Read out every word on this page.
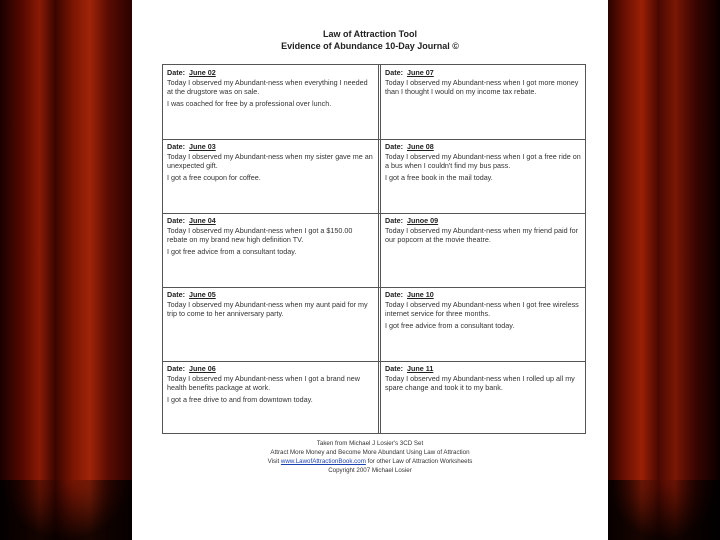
Law of Attraction Tool
Evidence of Abundance 10-Day Journal ©
Date: June 02
Today I observed my Abundant-ness when everything I needed at the drugstore was on sale.
I was coached for free by a professional over lunch.
Date: June 07
Today I observed my Abundant-ness when I got more money than I thought I would on my income tax rebate.
Date: June 03
Today I observed my Abundant-ness when my sister gave me an unexpected gift.
I got a free coupon for coffee.
Date: June 08
Today I observed my Abundant-ness when I got a free ride on a bus when I couldn't find my bus pass.
I got a free book in the mail today.
Date: June 04
Today I observed my Abundant-ness when I got a $150.00 rebate on my brand new high definition TV.
I got free advice from a consultant today.
Date: Junoe 09
Today I observed my Abundant-ness when my friend paid for our popcorn at the movie theatre.
Date: June 05
Today I observed my Abundant-ness when my aunt paid for my trip to come to her anniversary party.
Date: June 10
Today I observed my Abundant-ness when I got free wireless internet service for three months.
I got free advice from a consultant today.
Date: June 06
Today I observed my Abundant-ness when I got a brand new health benefits package at work.
I got a free drive to and from downtown today.
Date: June 11
Today I observed my Abundant-ness when I rolled up all my spare change and took it to my bank.
Taken from Michael J Losier's 3CD Set
Attract More Money and Become More Abundant Using Law of Attraction
Visit www.LawofAttractionBook.com for other Law of Attraction Worksheets
Copyright 2007 Michael Losier
